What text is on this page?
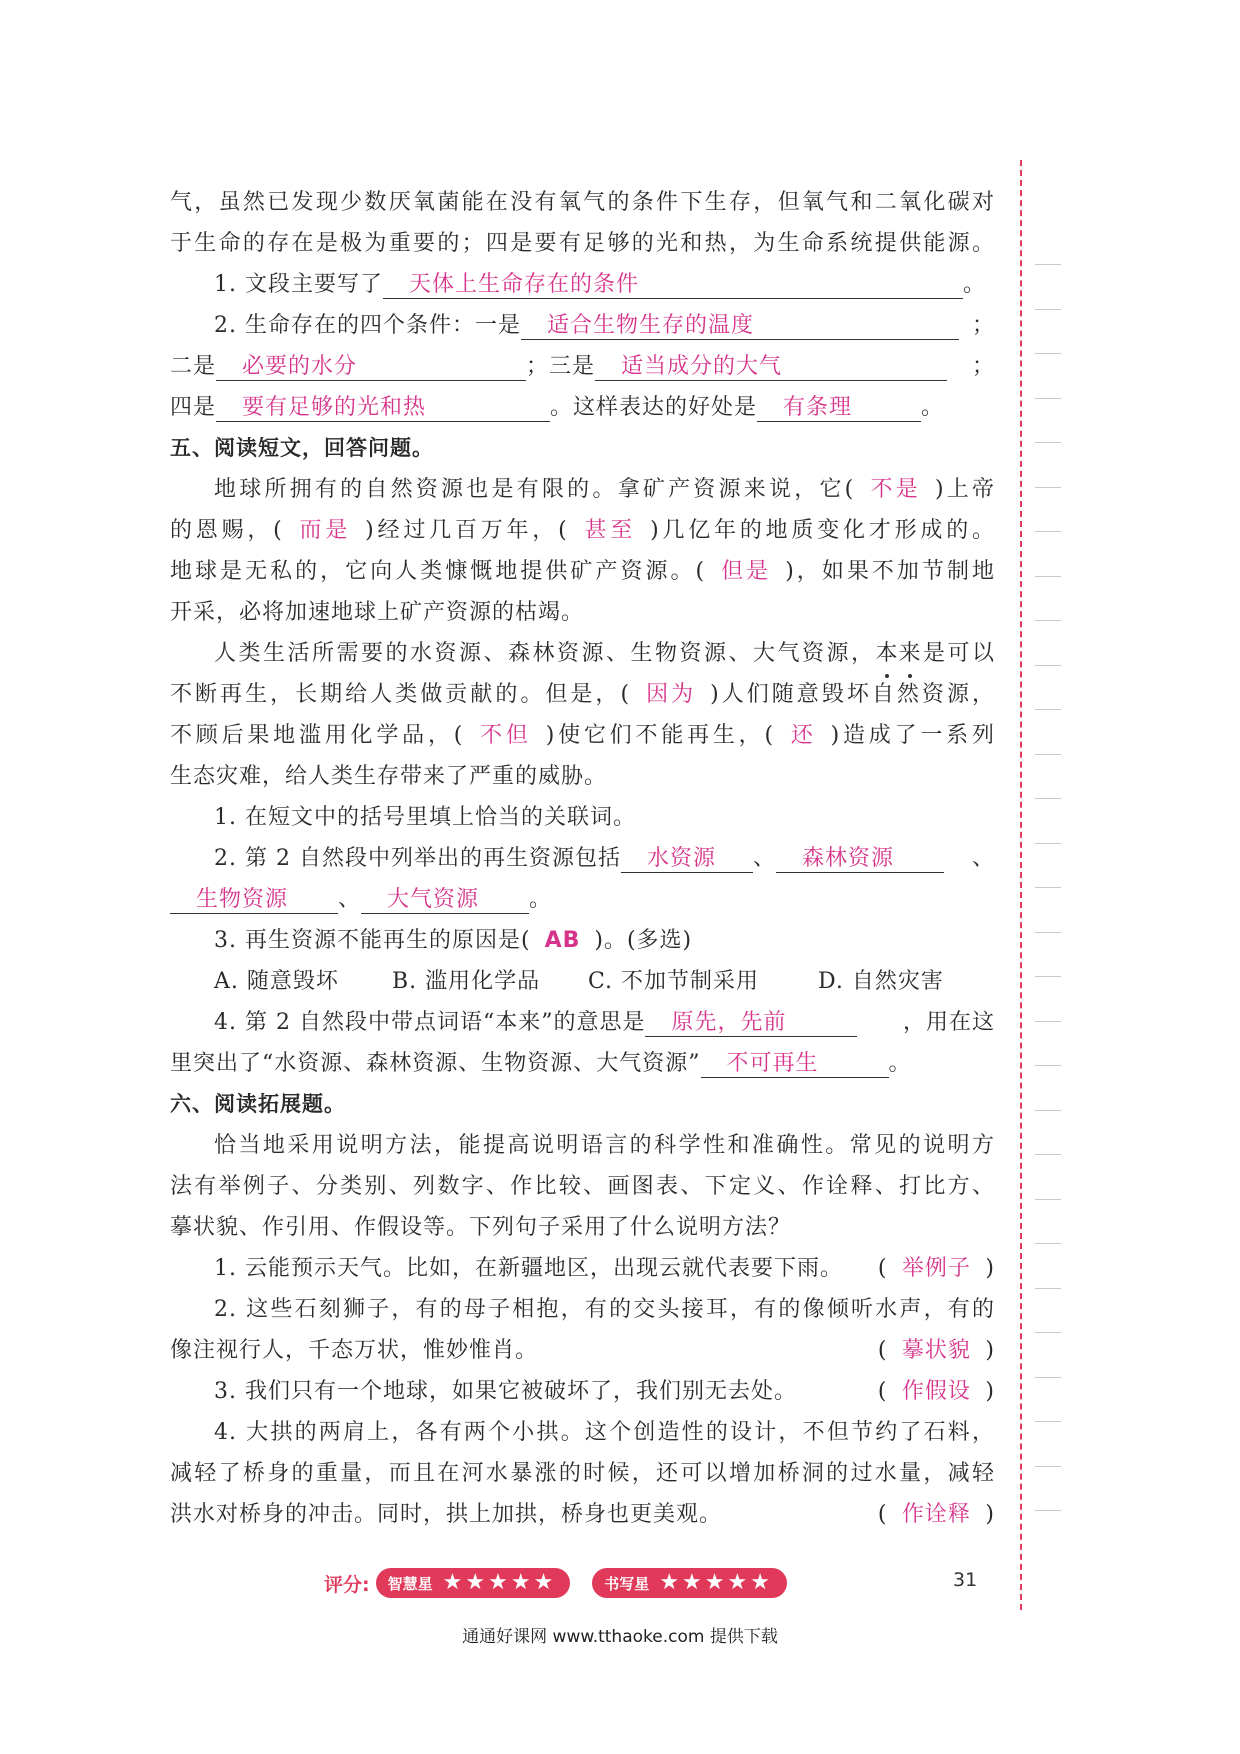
气，虽然已发现少数厌氧菌能在没有氧气的条件下生存，但氧气和二氧化碳对
于生命的存在是极为重要的；四是要有足够的光和热，为生命系统提供能源。
1. 文段主要写了 天体上生命存在的条件	。
2. 生命存在的四个条件：一是 适合生物生存的温度	；
二是 必要的水分	；三是 适当成分的大气	；
四是 要有足够的光和热	。这样表达的好处是 有条理	。
五、阅读短文，回答问题。
地球所拥有的自然资源也是有限的。拿矿产资源来说，它( 不是 )上帝
的恩赐，( 而是 )经过几百万年，( 甚至 )几亿年的地质变化才形成的。
地球是无私的，它向人类慷慨地提供矿产资源。( 但是 )，如果不加节制地
开采，必将加速地球上矿产资源的枯竭。
人类生活所需要的水资源、森林资源、生物资源、大气资源，本来是可以
不断再生，长期给人类做贡献的。但是，( 因为 )人们随意毁坏自然资源，
不顾后果地滥用化学品，( 不但 )使它们不能再生，( 还 )造成了一系列
生态灾难，给人类生存带来了严重的威胁。
1. 在短文中的括号里填上恰当的关联词。
2. 第 2 自然段中列举出的再生资源包括 水资源 、 森林资源	、
生物资源 、 大气资源 。
3. 再生资源不能再生的原因是( AB )。(多选)
A. 随意毁坏 B. 滥用化学品 C. 不加节制采用	D. 自然灾害
4. 第 2 自然段中带点词语“本来”的意思是 原先，先前	，用在这
里突出了“水资源、森林资源、生物资源、大气资源” 不可再生	。
六、阅读拓展题。
恰当地采用说明方法，能提高说明语言的科学性和准确性。常见的说明方
法有举例子、分类别、列数字、作比较、画图表、下定义、作诠释、打比方、
摹状貌、作引用、作假设等。下列句子采用了什么说明方法？
1. 云能预示天气。比如，在新疆地区，出现云就代表要下雨。 ( 举例子 )
2. 这些石刻狮子，有的母子相抱，有的交头接耳，有的像倾听水声，有的
像注视行人，千态万状，惟妙惟肖。	( 摹状貌 )
3. 我们只有一个地球，如果它被破坏了，我们别无去处。	( 作假设 )
4. 大拱的两肩上，各有两个小拱。这个创造性的设计，不但节约了石料，
减轻了桥身的重量，而且在河水暴涨的时候，还可以增加桥洞的过水量，减轻
洪水对桥身的冲击。同时，拱上加拱，桥身也更美观。	( 作诠释 )
评分: 智慧星 ★ ★ ★ ★ ★	书写星 ★ ★ ★ ★ ★	31
通通好课网 www.tthaoke.com 提供下载
